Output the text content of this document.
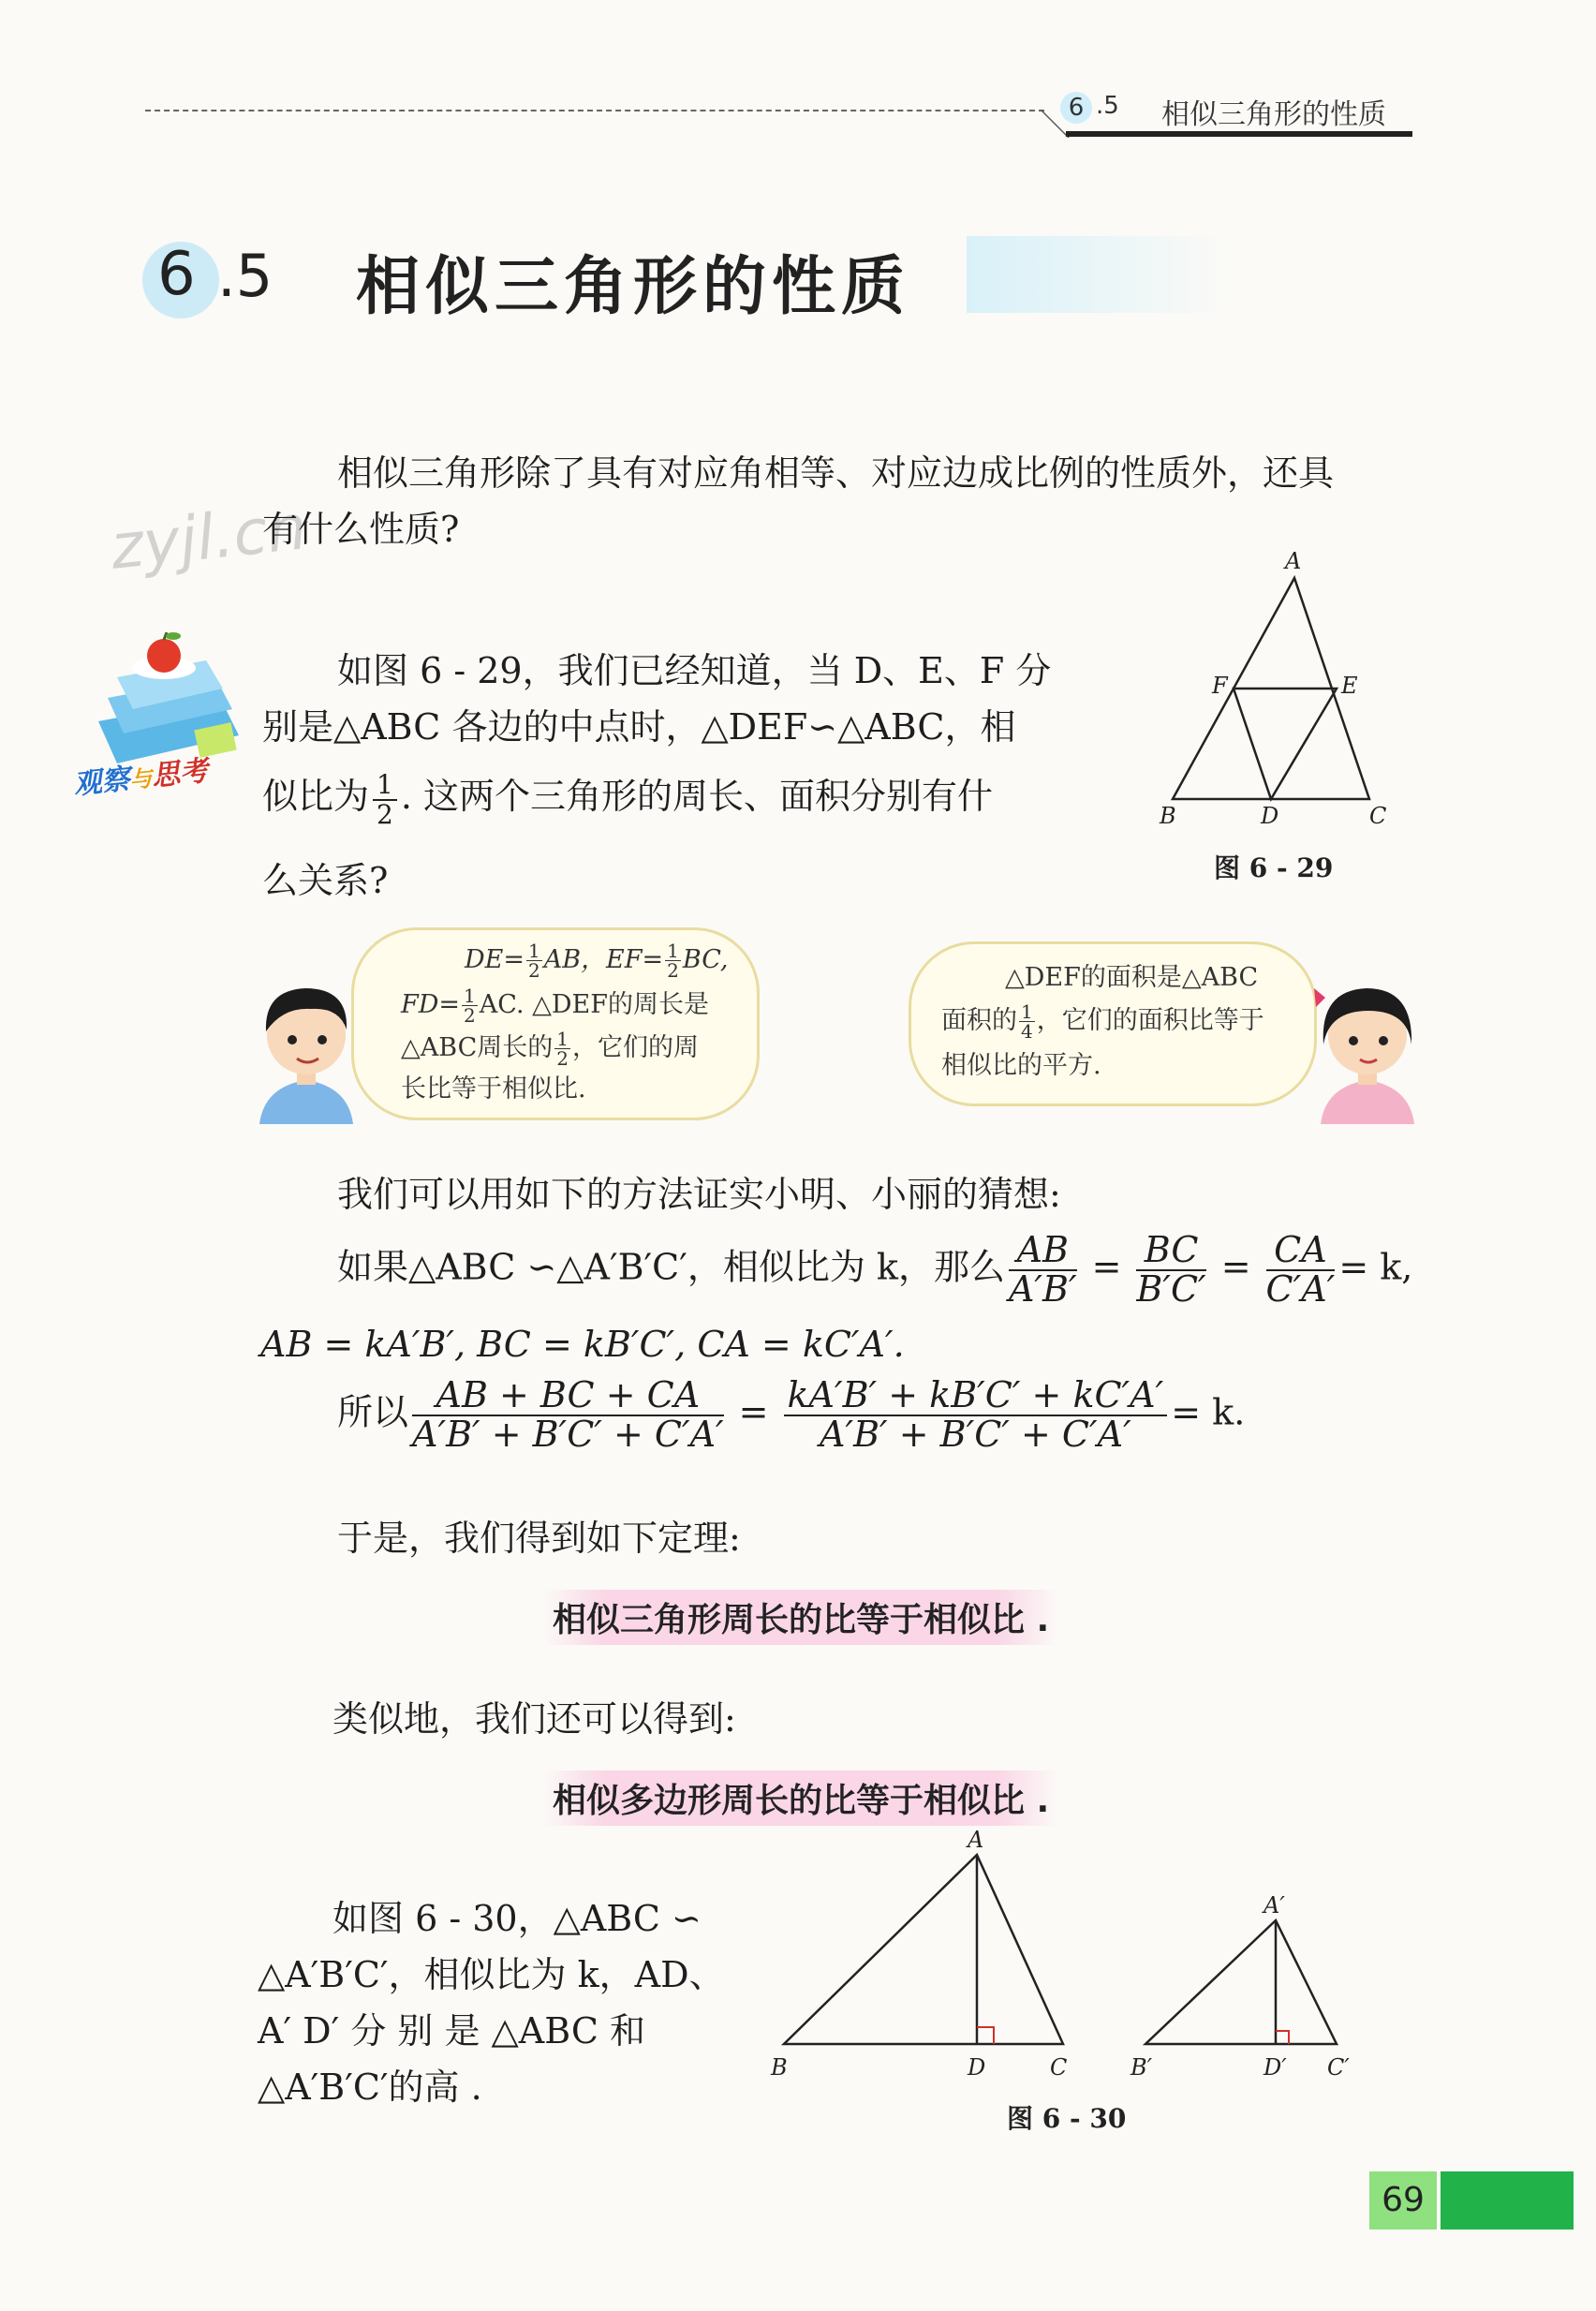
6 .5 相似三角形的性质
6 .5 相似三角形的性质
zyjl.cn
相似三角形除了具有对应角相等、对应边成比例的性质外，还具
有什么性质?
观察与思考
如图 6 - 29，我们已经知道，当 D、E、F 分
别是△ABC 各边的中点时，△DEF∽△ABC，相
似比为 $\frac{1}{2}$ . 这两个三角形的周长、面积分别有什
么关系?
A
B	C
D
E
F
图 6 - 29
$DE= \frac{1}{2}$ AB，$EF= \frac{1}{2}$ BC,
$FD= \frac{1}{2}$ AC. △DEF的周长是
△ABC周长的 $\frac{1}{2}$ ，它们的周
长比等于相似比.
△DEF的面积是△ABC
面积的 $\frac{1}{4}$ ，它们的面积比等于
相似比的平方.
我们可以用如下的方法证实小明、小丽的猜想:
如果△ABC ∽△A′B′C′，相似比为 k，那么 $\frac{AB}{A'B'} = \frac{BC}{B'C'} = \frac{CA}{C'A'} = k$,
AB = kA′B′, BC = kB′C′, CA = kC′A′.
所以 $\frac{AB + BC + CA}{A'B' + B'C' + C'A'} = \frac{kA'B' + kB'C' + kC'A'}{A'B' + B'C' + C'A'} = k$.
于是，我们得到如下定理:
相似三角形周长的比等于相似比 .
类似地，我们还可以得到:
相似多边形周长的比等于相似比 .
如图 6 - 30，△ABC ∽
△A′B′C′，相似比为 k，AD、
A′ D′ 分 别 是 △ABC 和
△A′B′C′的高 .
A
B	C
D
A′
B′	C′
D′
图 6 - 30
69
